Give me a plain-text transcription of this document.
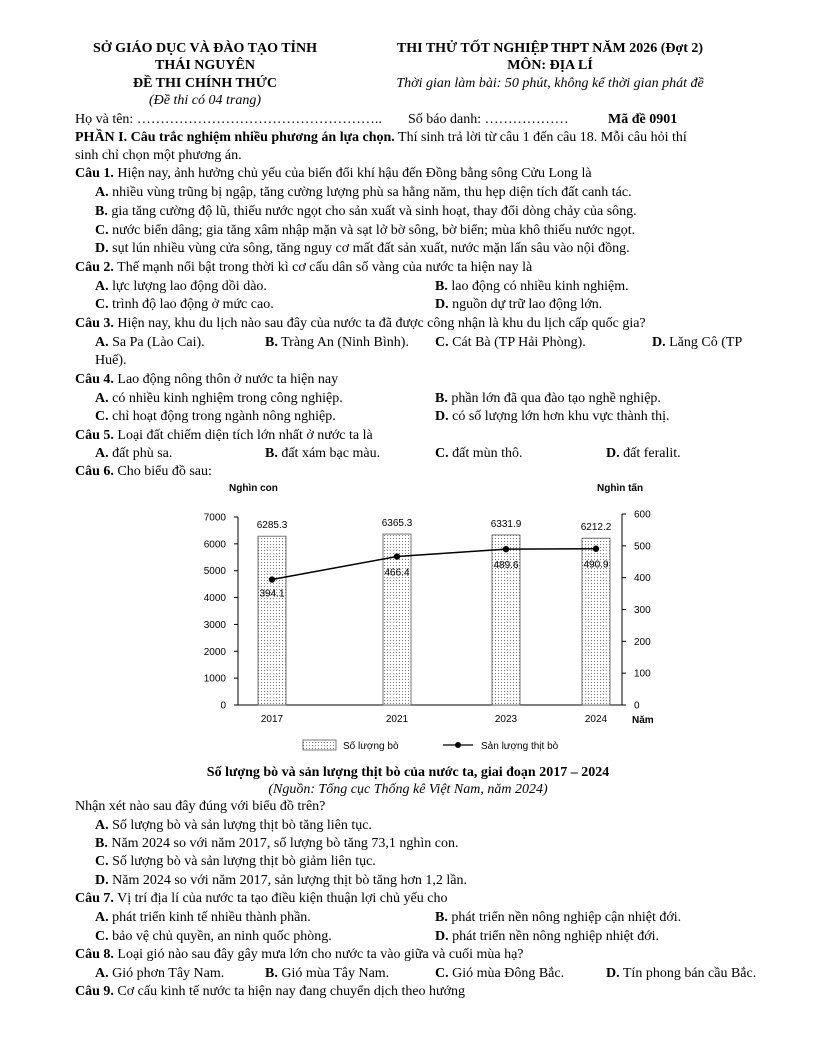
SỞ GIÁO DỤC VÀ ĐÀO TẠO TỈNH
THÁI NGUYÊN
ĐỀ THI CHÍNH THỨC
(Đề thi có 04 trang)
THI THỬ TỐT NGHIỆP THPT NĂM 2026 (Đợt 2)
MÔN: ĐỊA LÍ
Thời gian làm bài: 50 phút, không kể thời gian phát đề
Họ và tên: …………………………………………….. Số báo danh: ………………	Mã đề 0901
PHẦN I. Câu trắc nghiệm nhiều phương án lựa chọn. Thí sinh trả lời từ câu 1 đến câu 18. Mỗi câu hỏi thí
sinh chỉ chọn một phương án.
Câu 1. Hiện nay, ảnh hưởng chủ yếu của biến đổi khí hậu đến Đồng bằng sông Cửu Long là
A. nhiều vùng trũng bị ngập, tăng cường lượng phù sa hằng năm, thu hẹp diện tích đất canh tác.
B. gia tăng cường độ lũ, thiếu nước ngọt cho sản xuất và sinh hoạt, thay đổi dòng chảy của sông.
C. nước biển dâng; gia tăng xâm nhập mặn và sạt lở bờ sông, bờ biển; mùa khô thiếu nước ngọt.
D. sụt lún nhiều vùng cửa sông, tăng nguy cơ mất đất sản xuất, nước mặn lấn sâu vào nội đồng.
Câu 2. Thế mạnh nổi bật trong thời kì cơ cấu dân số vàng của nước ta hiện nay là
A. lực lượng lao động dồi dào.	B. lao động có nhiều kinh nghiệm.
C. trình độ lao động ở mức cao.	D. nguồn dự trữ lao động lớn.
Câu 3. Hiện nay, khu du lịch nào sau đây của nước ta đã được công nhận là khu du lịch cấp quốc gia?
A. Sa Pa (Lào Cai).	B. Tràng An (Ninh Bình). C. Cát Bà (TP Hải Phòng).	D. Lăng Cô (TP
Huế).
Câu 4. Lao động nông thôn ở nước ta hiện nay
A. có nhiều kinh nghiệm trong công nghiệp.	B. phần lớn đã qua đào tạo nghề nghiệp.
C. chỉ hoạt động trong ngành nông nghiệp.	D. có số lượng lớn hơn khu vực thành thị.
Câu 5. Loại đất chiếm diện tích lớn nhất ở nước ta là
A. đất phù sa.	B. đất xám bạc màu.	C. đất mùn thô.	D. đất feralit.
Câu 6. Cho biểu đồ sau:
Nghìn con	Nghìn tấn
Năm
0
1000
2000
3000
4000
5000
6000
7000
0
100
200
300
400
500
600
6285.3	6365.3	6331.9	6212.2
2017	2021	2023	2024
394.1
466.4
489.6	490.9
Số lượng bò	Sản lượng thịt bò
Số lượng bò và sản lượng thịt bò của nước ta, giai đoạn 2017 – 2024
(Nguồn: Tổng cục Thống kê Việt Nam, năm 2024)
Nhận xét nào sau đây đúng với biểu đồ trên?
A. Số lượng bò và sản lượng thịt bò tăng liên tục.
B. Năm 2024 so với năm 2017, số lượng bò tăng 73,1 nghìn con.
C. Số lượng bò và sản lượng thịt bò giảm liên tục.
D. Năm 2024 so với năm 2017, sản lượng thịt bò tăng hơn 1,2 lần.
Câu 7. Vị trí địa lí của nước ta tạo điều kiện thuận lợi chủ yếu cho
A. phát triển kinh tế nhiều thành phần.	B. phát triển nền nông nghiệp cận nhiệt đới.
C. bảo vệ chủ quyền, an ninh quốc phòng.	D. phát triển nền nông nghiệp nhiệt đới.
Câu 8. Loại gió nào sau đây gây mưa lớn cho nước ta vào giữa và cuối mùa hạ?
A. Gió phơn Tây Nam.	B. Gió mùa Tây Nam.	C. Gió mùa Đông Bắc.	D. Tín phong bán cầu Bắc.
Câu 9. Cơ cấu kinh tế nước ta hiện nay đang chuyển dịch theo hướng
